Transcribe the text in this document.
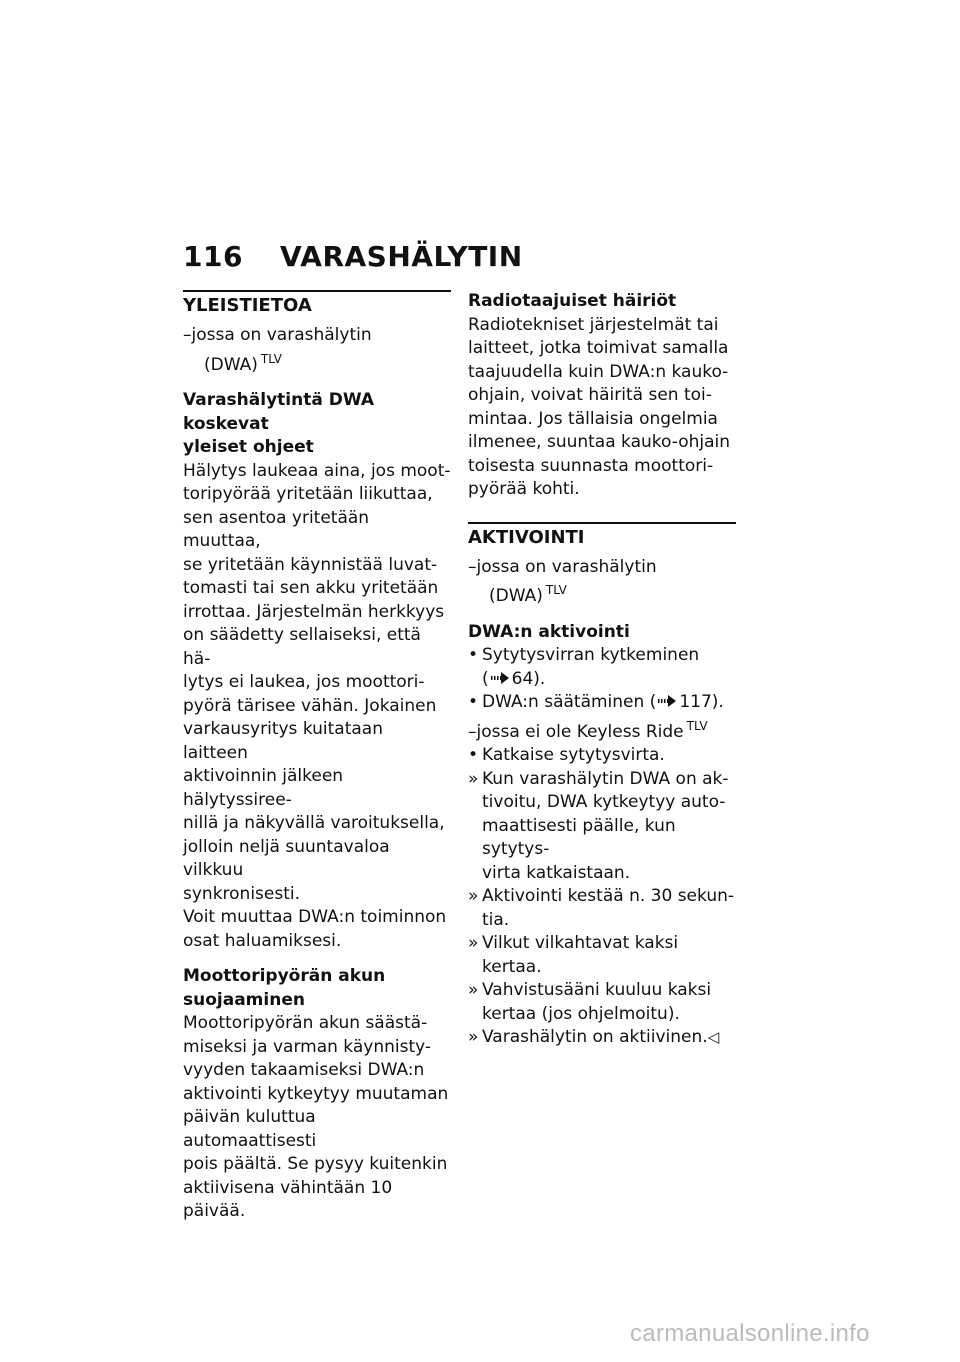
116 VARASHÄLYTIN
YLEISTIETOA
–jossa on varashälytin
(DWA) $^{TLV}$
Varashälytintä DWA koskevat
yleiset ohjeet

Hälytys laukeaa aina, jos moot-

toripyörää yritetään liikuttaa,

sen asentoa yritetään muuttaa,

se yritetään käynnistää luvat-

tomasti tai sen akku yritetään

irrottaa. Järjestelmän herkkyys

on säädetty sellaiseksi, että hä-

lytys ei laukea, jos moottori-

pyörä tärisee vähän. Jokainen

varkausyritys kuitataan laitteen

aktivoinnin jälkeen hälytyssiree-

nillä ja näkyvällä varoituksella,

jolloin neljä suuntavaloa vilkkuu

synkronisesti.

Voit muuttaa DWA:n toiminnon

osat haluamiksesi.

Moottoripyörän akun
suojaaminen

Moottoripyörän akun säästä-

miseksi ja varman käynnisty-

vyyden takaamiseksi DWA:n

aktivointi kytkeytyy muutaman

päivän kuluttua automaattisesti

pois päältä. Se pysyy kuitenkin

aktiivisena vähintään 10 päivää.

Radiotaajuiset häiriöt

Radiotekniset järjestelmät tai

laitteet, jotka toimivat samalla

taajuudella kuin DWA:n kauko-

ohjain, voivat häiritä sen toi-

mintaa. Jos tällaisia ongelmia

ilmenee, suuntaa kauko-ohjain

toisesta suunnasta moottori-

pyörää kohti.

AKTIVOINTI
–jossa on varashälytin
(DWA) $^{TLV}$
DWA:n aktivointi
• Sytytysvirran kytkeminen
( 64).
• DWA:n säätäminen ( 117).

–jossa ei ole Keyless Ride $^{TLV}$

• Katkaise sytytysvirta.
» Kun varashälytin DWA on ak-
tivoitu, DWA kytkeytyy auto-
maattisesti päälle, kun sytytys-
virta katkaistaan.
» Aktivointi kestää n. 30 sekun-
tia.
» Vilkut vilkahtavat kaksi kertaa.
» Vahvistusääni kuuluu kaksi
kertaa (jos ohjelmoitu).
» Varashälytin on aktiivinen.◁
carmanualsonline.info
